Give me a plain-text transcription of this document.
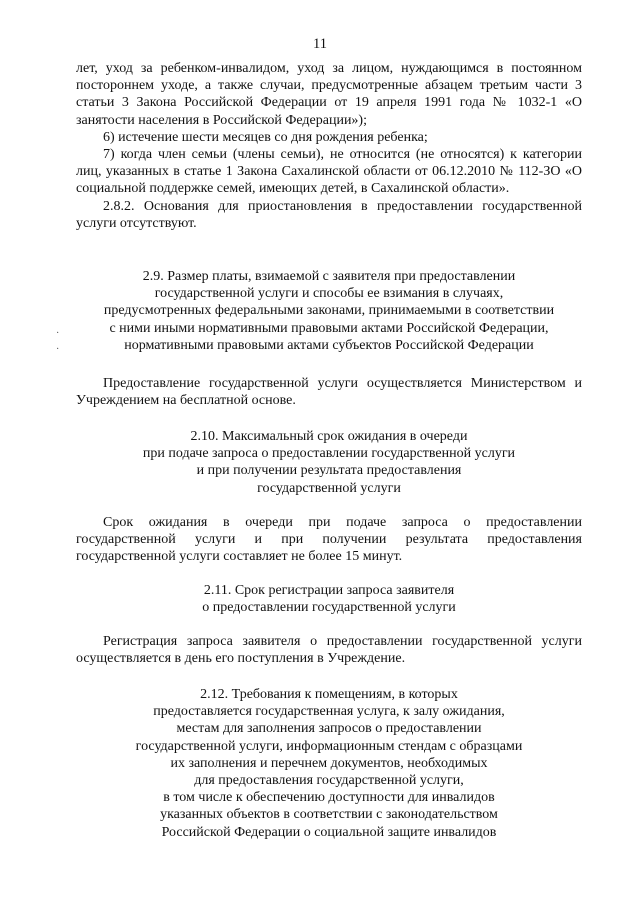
11

лет, уход за ребенком-инвалидом, уход за лицом, нуждающимся в постоянном постороннем уходе, а также случаи, предусмотренные абзацем третьим части 3 статьи 3 Закона Российской Федерации от 19 апреля 1991 года № 1032-1 «О занятости населения в Российской Федерации»);

6) истечение шести месяцев со дня рождения ребенка;

7) когда член семьи (члены семьи), не относится (не относятся) к категории лиц, указанных в статье 1 Закона Сахалинской области от 06.12.2010 № 112-ЗО «О социальной поддержке семей, имеющих детей, в Сахалинской области».

2.8.2. Основания для приостановления в предоставлении государственной услуги отсутствуют.

2.9. Размер платы, взимаемой с заявителя при предоставлении

государственной услуги и способы ее взимания в случаях,

предусмотренных федеральными законами, принимаемыми в соответствии

с ними иными нормативными правовыми актами Российской Федерации,

нормативными правовыми актами субъектов Российской Федерации

Предоставление государственной услуги осуществляется Министерством и Учреждением на бесплатной основе.

2.10. Максимальный срок ожидания в очереди

при подаче запроса о предоставлении государственной услуги

и при получении результата предоставления

государственной услуги

Срок ожидания в очереди при подаче запроса о предоставлении государственной услуги и при получении результата предоставления государственной услуги составляет не более 15 минут.

2.11. Срок регистрации запроса заявителя

о предоставлении государственной услуги

Регистрация запроса заявителя о предоставлении государственной услуги осуществляется в день его поступления в Учреждение.

2.12. Требования к помещениям, в которых

предоставляется государственная услуга, к залу ожидания,

местам для заполнения запросов о предоставлении

государственной услуги, информационным стендам с образцами

их заполнения и перечнем документов, необходимых

для предоставления государственной услуги,

в том числе к обеспечению доступности для инвалидов

указанных объектов в соответствии с законодательством

Российской Федерации о социальной защите инвалидов

·
·
